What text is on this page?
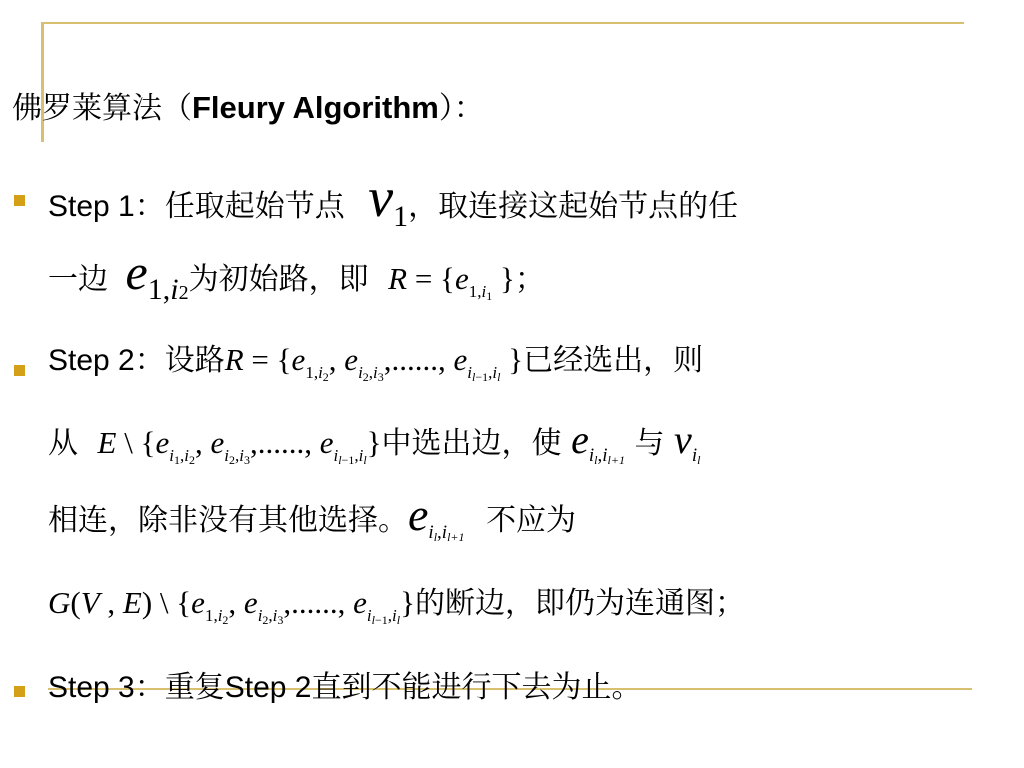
佛罗莱算法（Fleury Algorithm）：
Step 1：任取起始节点 v1，取连接这起始节点的任
一边 e1,i2为初始路，即 $R = \{e_{1,i1}$ }；
Step 2：设路$R = \{e_{1,i2}$, $e_{i2,i3}$,......, $e_{il-1,il}$ }已经选出，则
从 E \ {$e_{i1,i2}$, $e_{i2,i3}$,......, $e_{il-1,il}$}中选出边，使 $e_{il,il+1}$ 与 $v_{il}$
相连，除非没有其他选择。$e_{il,il+1}$ 不应为
G(V , E) \ {$e_{1,i2}$, $e_{i2,i3}$,......, $e_{il-1,il}$}的断边，即仍为连通图；
Step 3：重复Step 2直到不能进行下去为止。
